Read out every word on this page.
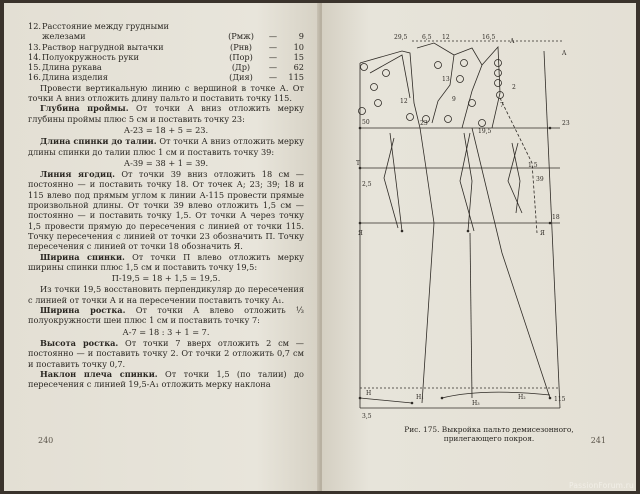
12. Расстояние между грудными
железами	(Рмж)	—	9
13. Раствор нагрудной вытачки	(Рнв)	—	10
14. Полуокружность руки	(Пор)	—	15
15. Длина рукава	(Др)	—	62
16. Длина изделия	(Дия)	—	115

Провести вертикальную линию с вершиной в точке А. От точки А вниз отложить длину пальто и поставить точку 115.

Глубина проймы. От точки А вниз отложить мерку глубины проймы плюс 5 см и поставить точку 23:

А-23 = 18 + 5 = 23.

Длина спинки до талии. От точки А вниз отложить мерку длины спинки до талии плюс 1 см и поставить точку 39:

А-39 = 38 + 1 = 39.

Линия ягодиц. От точки 39 вниз отложить 18 см — постоянно — и поставить точку 18. От точек А; 23; 39; 18 и 115 влево под прямым углом к линии А-115 провести прямые произвольной длины. От точки 39 влево отложить 1,5 см — постоянно — и поставить точку 1,5. От точки А через точку 1,5 провести прямую до пересечения с линией от точки 115. Точку пересечения с линией от точки 23 обозначить П. Точку пересечения с линией от точки 18 обозначить Я.

Ширина спинки. От точки П влево отложить мерку ширины спинки плюс 1,5 см и поставить точку 19,5:

П-19,5 = 18 + 1,5 = 19,5.

Из точки 19,5 восстановить перпендикуляр до пересечения с линией от точки А и на пересечении поставить точку А₁.

Ширина ростка. От точки А влево отложить ⅓ полуокружности шеи плюс 1 см и поставить точку 7:

А-7 = 18 : 3 + 1 = 7.

Высота ростка. От точки 7 вверх отложить 2 см — постоянно — и поставить точку 2. От точки 2 отложить 0,7 см и поставить точку 0,7.

Наклон плеча спинки. От точки 1,5 (по талии) до пересечения с линией 19,5-А₁ отложить мерку наклона

240
29,5 6,5 12	16,5
A
A
2
50
19,5
23
23
2,5
T
39
Я	Я
1,5
18
H
H₁	H₂
H₃
3,5
115
7
9
12
13
Рис. 175. Выкройка пальто демисезонного, прилегающего покроя.	241
PassionForum.ru
